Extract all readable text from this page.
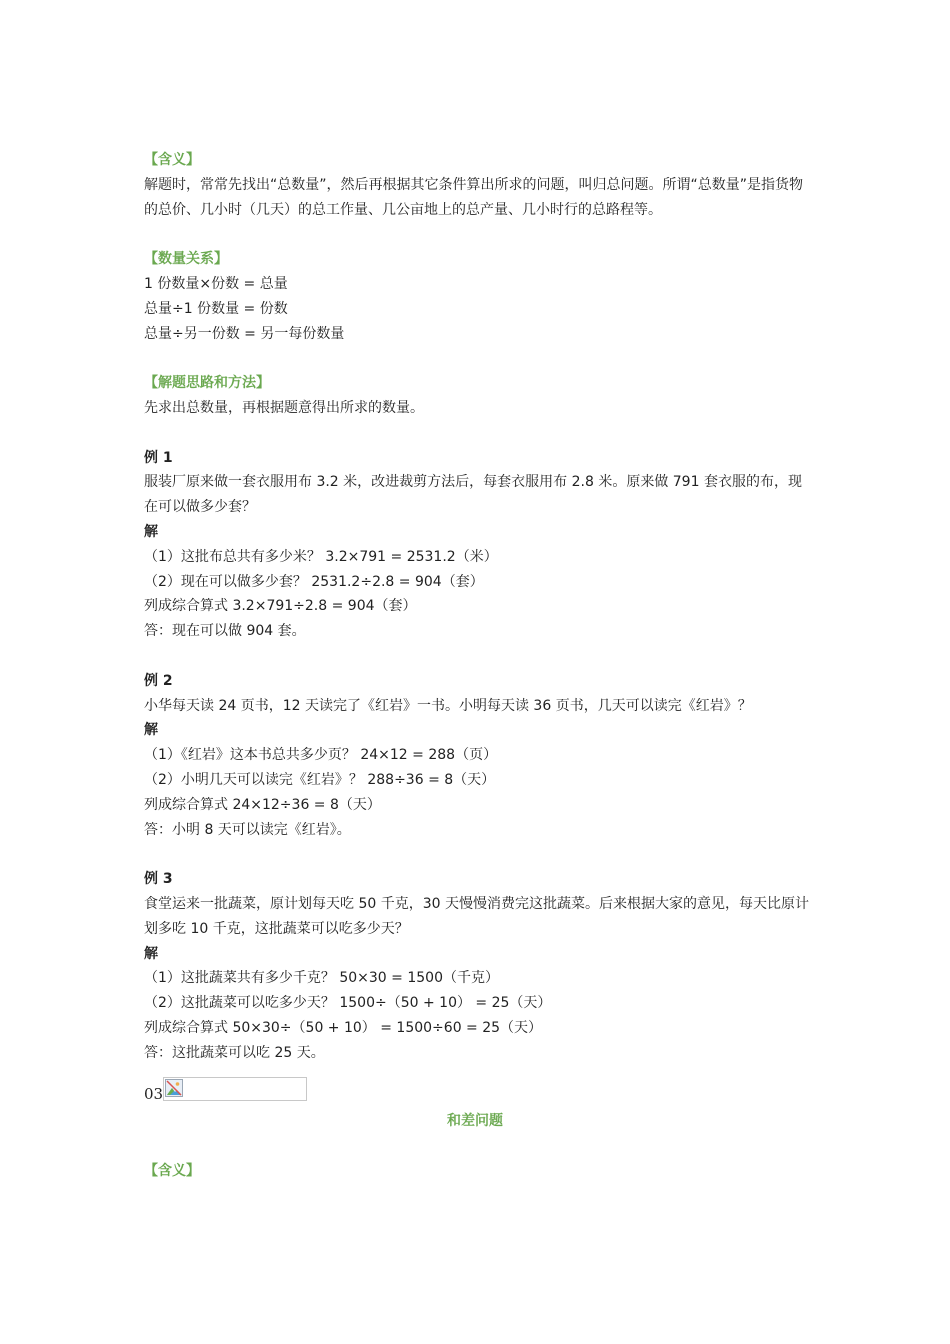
【含义】
解题时，常常先找出“总数量”，然后再根据其它条件算出所求的问题，叫归总问题。所谓“总数量”是指货物的总价、几小时（几天）的总工作量、几公亩地上的总产量、几小时行的总路程等。
【数量关系】
1 份数量×份数 = 总量
总量÷1 份数量 = 份数
总量÷另一份数 = 另一每份数量
【解题思路和方法】
先求出总数量，再根据题意得出所求的数量。
例 1
服装厂原来做一套衣服用布 3.2 米，改进裁剪方法后，每套衣服用布 2.8 米。原来做 791 套衣服的布，现在可以做多少套？
解
（1）这批布总共有多少米？ 3.2×791 = 2531.2（米）
（2）现在可以做多少套？ 2531.2÷2.8 = 904（套）
列成综合算式 3.2×791÷2.8 = 904（套）
答：现在可以做 904 套。
例 2
小华每天读 24 页书，12 天读完了《红岩》一书。小明每天读 36 页书，几天可以读完《红岩》？
解
（1）《红岩》这本书总共多少页？ 24×12 = 288（页）
（2）小明几天可以读完《红岩》？ 288÷36 = 8（天）
列成综合算式 24×12÷36 = 8（天）
答：小明 8 天可以读完《红岩》。
例 3
食堂运来一批蔬菜，原计划每天吃 50 千克，30 天慢慢消费完这批蔬菜。后来根据大家的意见，每天比原计划多吃 10 千克，这批蔬菜可以吃多少天？
解
（1）这批蔬菜共有多少千克？ 50×30 = 1500（千克）
（2）这批蔬菜可以吃多少天？ 1500÷（50 + 10） = 25（天）
列成综合算式 50×30÷（50 + 10） = 1500÷60 = 25（天）
答：这批蔬菜可以吃 25 天。
03
和差问题
【含义】
